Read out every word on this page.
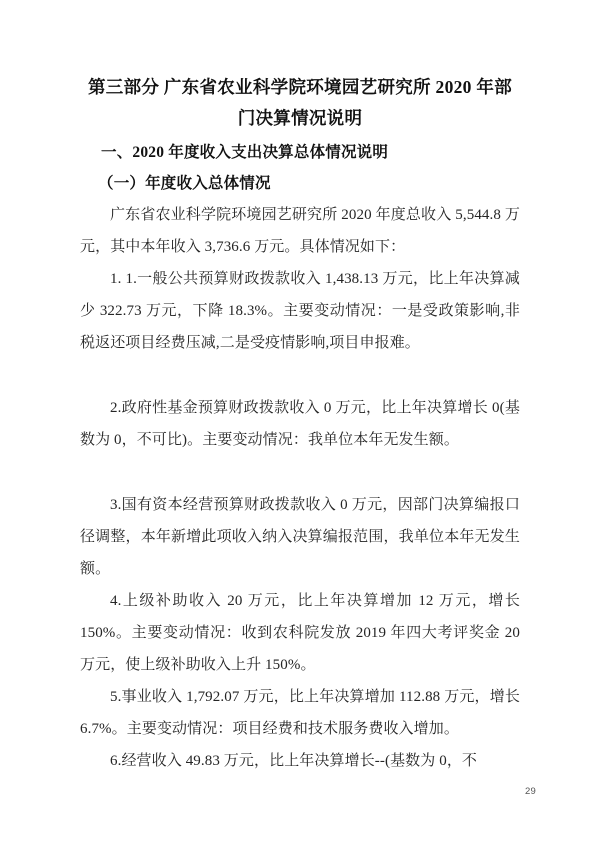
第三部分 广东省农业科学院环境园艺研究所 2020 年部
门决算情况说明
一、2020 年度收入支出决算总体情况说明
（一）年度收入总体情况

广东省农业科学院环境园艺研究所 2020 年度总收入 5,544.8 万元，其中本年收入 3,736.6 万元。具体情况如下：

1. 1.一般公共预算财政拨款收入 1,438.13 万元，比上年决算减少 322.73 万元，下降 18.3%。主要变动情况：一是受政策影响,非税返还项目经费压减,二是受疫情影响,项目申报难。

2.政府性基金预算财政拨款收入 0 万元，比上年决算增长 0(基数为 0，不可比)。主要变动情况：我单位本年无发生额。

3.国有资本经营预算财政拨款收入 0 万元，因部门决算编报口径调整，本年新增此项收入纳入决算编报范围，我单位本年无发生额。

4.上级补助收入 20 万元，比上年决算增加 12 万元，增长 150%。主要变动情况：收到农科院发放 2019 年四大考评奖金 20 万元，使上级补助收入上升 150%。

5.事业收入 1,792.07 万元，比上年决算增加 112.88 万元，增长 6.7%。主要变动情况：项目经费和技术服务费收入增加。

6.经营收入 49.83 万元，比上年决算增长--(基数为 0，不

29
